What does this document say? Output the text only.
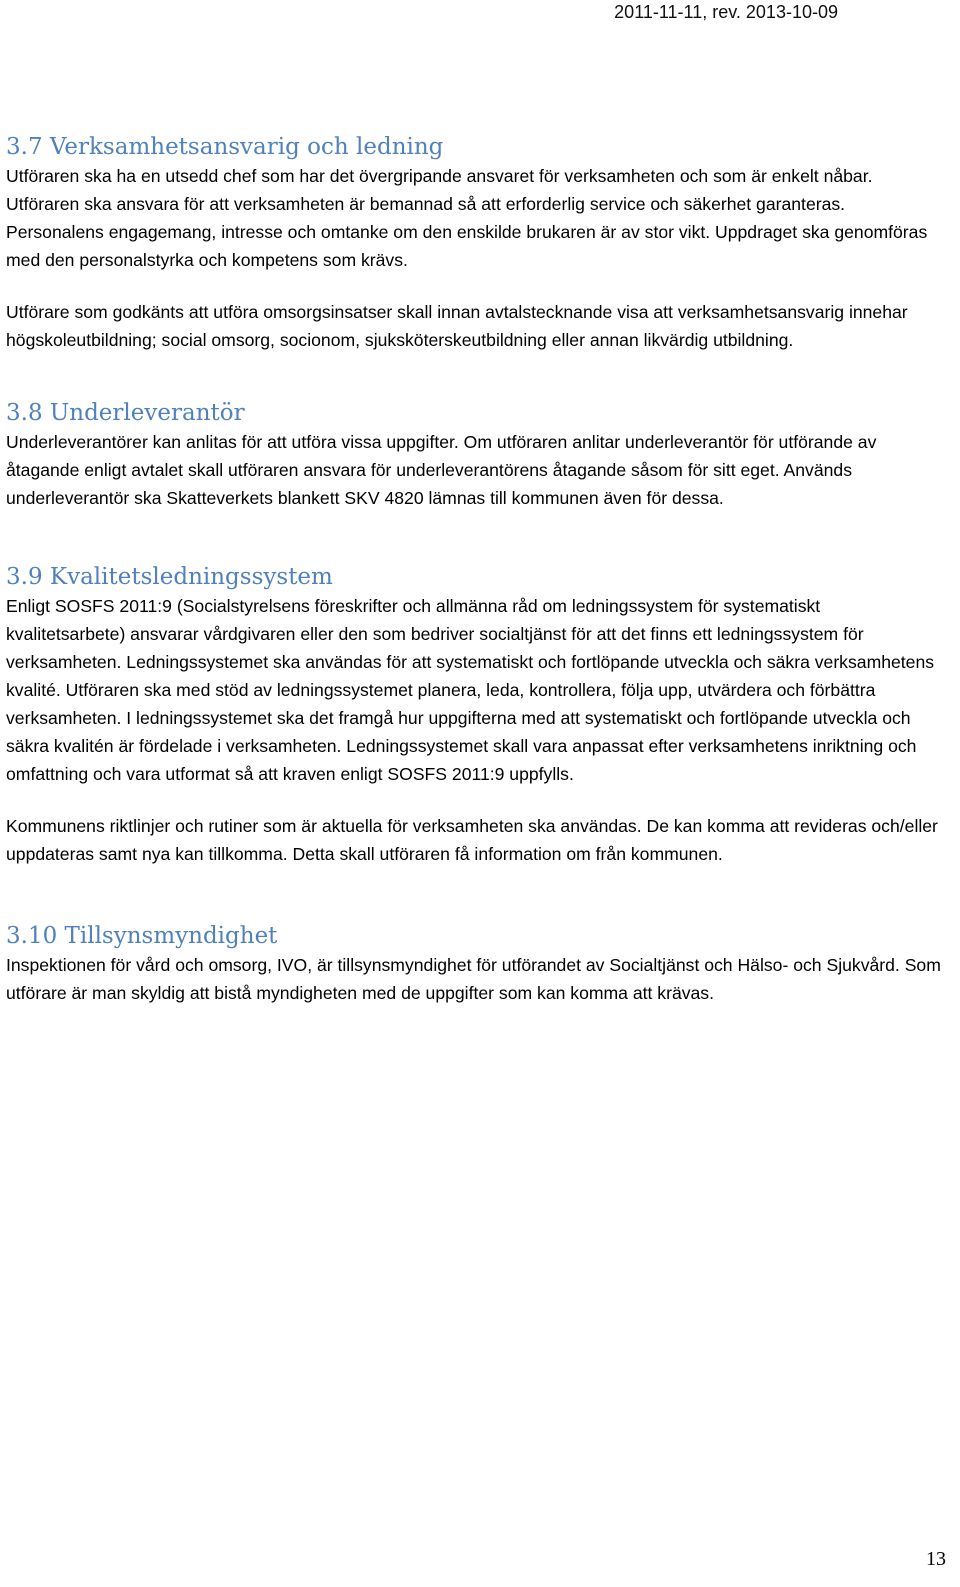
2011-11-11, rev. 2013-10-09
3.7 Verksamhetsansvarig och ledning

Utföraren ska ha en utsedd chef som har det övergripande ansvaret för verksamheten och som är enkelt nåbar. Utföraren ska ansvara för att verksamheten är bemannad så att erforderlig service och säkerhet garanteras. Personalens engagemang, intresse och omtanke om den enskilde brukaren är av stor vikt. Uppdraget ska genomföras med den personalstyrka och kompetens som krävs.

Utförare som godkänts att utföra omsorgsinsatser skall innan avtalstecknande visa att verksamhetsansvarig innehar högskoleutbildning; social omsorg, socionom, sjuksköterskeutbildning eller annan likvärdig utbildning.

3.8 Underleverantör

Underleverantörer kan anlitas för att utföra vissa uppgifter. Om utföraren anlitar underleverantör för utförande av åtagande enligt avtalet skall utföraren ansvara för underleverantörens åtagande såsom för sitt eget. Används underleverantör ska Skatteverkets blankett SKV 4820 lämnas till kommunen även för dessa.

3.9 Kvalitetsledningssystem

Enligt SOSFS 2011:9 (Socialstyrelsens föreskrifter och allmänna råd om ledningssystem för systematiskt kvalitetsarbete) ansvarar vårdgivaren eller den som bedriver socialtjänst för att det finns ett ledningssystem för verksamheten. Ledningssystemet ska användas för att systematiskt och fortlöpande utveckla och säkra verksamhetens kvalité. Utföraren ska med stöd av ledningssystemet planera, leda, kontrollera, följa upp, utvärdera och förbättra verksamheten. I ledningssystemet ska det framgå hur uppgifterna med att systematiskt och fortlöpande utveckla och säkra kvalitén är fördelade i verksamheten. Ledningssystemet skall vara anpassat efter verksamhetens inriktning och omfattning och vara utformat så att kraven enligt SOSFS 2011:9 uppfylls.

Kommunens riktlinjer och rutiner som är aktuella för verksamheten ska användas. De kan komma att revideras och/eller uppdateras samt nya kan tillkomma. Detta skall utföraren få information om från kommunen.

3.10 Tillsynsmyndighet

Inspektionen för vård och omsorg, IVO, är tillsynsmyndighet för utförandet av Socialtjänst och Hälso- och Sjukvård. Som utförare är man skyldig att bistå myndigheten med de uppgifter som kan komma att krävas.

13
